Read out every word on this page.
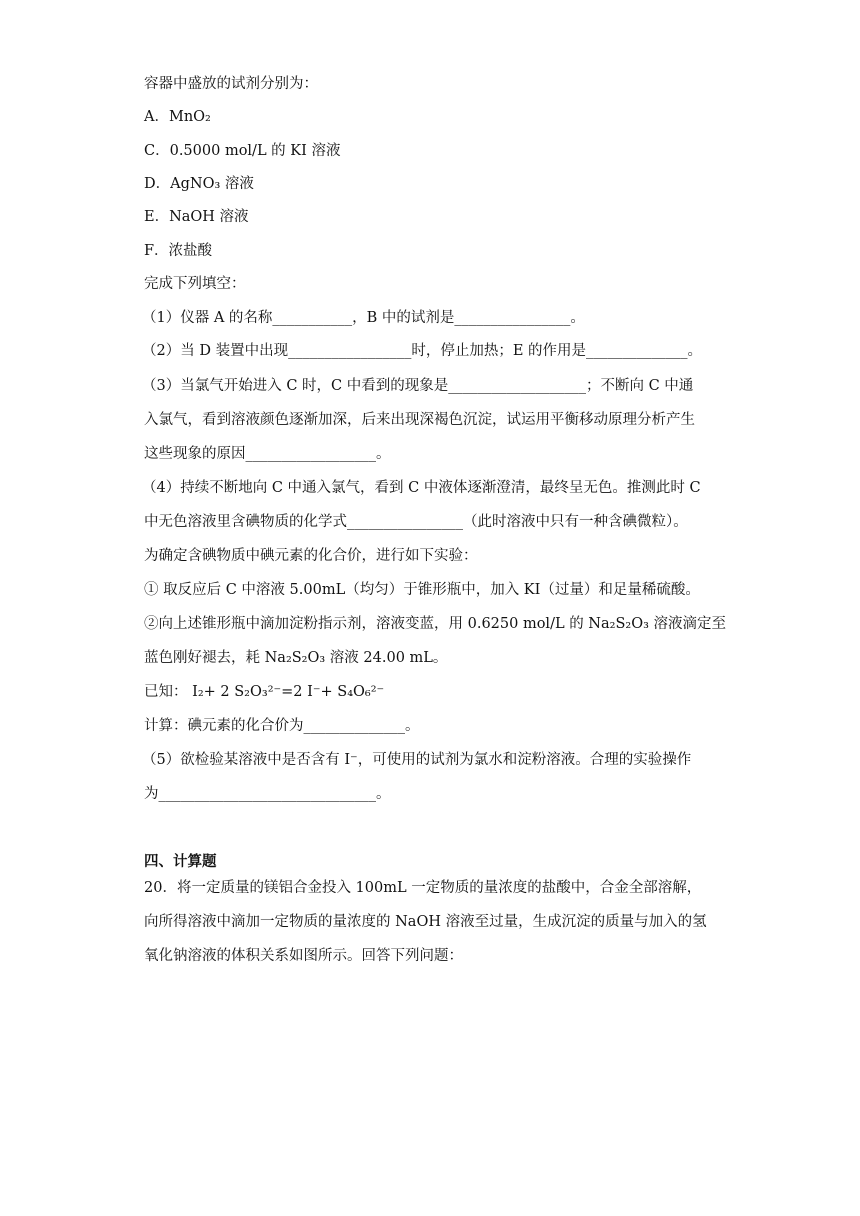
容器中盛放的试剂分别为：
A．MnO₂
C．0.5000 mol/L 的 KI 溶液
D．AgNO₃ 溶液
E．NaOH 溶液
F．浓盐酸
完成下列填空：
（1）仪器 A 的名称___________，B 中的试剂是________________。
（2）当 D 装置中出现_________________时，停止加热；E 的作用是______________。
（3）当氯气开始进入 C 时，C 中看到的现象是___________________；不断向 C 中通
入氯气，看到溶液颜色逐渐加深，后来出现深褐色沉淀，试运用平衡移动原理分析产生
这些现象的原因__________________。
（4）持续不断地向 C 中通入氯气，看到 C 中液体逐渐澄清，最终呈无色。推测此时 C
中无色溶液里含碘物质的化学式________________（此时溶液中只有一种含碘微粒）。
为确定含碘物质中碘元素的化合价，进行如下实验：
① 取反应后 C 中溶液 5.00mL（均匀）于锥形瓶中，加入 KI（过量）和足量稀硫酸。
②向上述锥形瓶中滴加淀粉指示剂，溶液变蓝，用 0.6250 mol/L 的 Na₂S₂O₃ 溶液滴定至
蓝色刚好褪去，耗 Na₂S₂O₃ 溶液 24.00 mL。
已知： I₂+ 2 S₂O₃²⁻=2 I⁻+ S₄O₆²⁻
计算：碘元素的化合价为______________。
（5）欲检验某溶液中是否含有 I⁻，可使用的试剂为氯水和淀粉溶液。合理的实验操作
为______________________________。
四、计算题
20．将一定质量的镁铝合金投入 100mL 一定物质的量浓度的盐酸中，合金全部溶解，
向所得溶液中滴加一定物质的量浓度的 NaOH 溶液至过量，生成沉淀的质量与加入的氢
氧化钠溶液的体积关系如图所示。回答下列问题：
